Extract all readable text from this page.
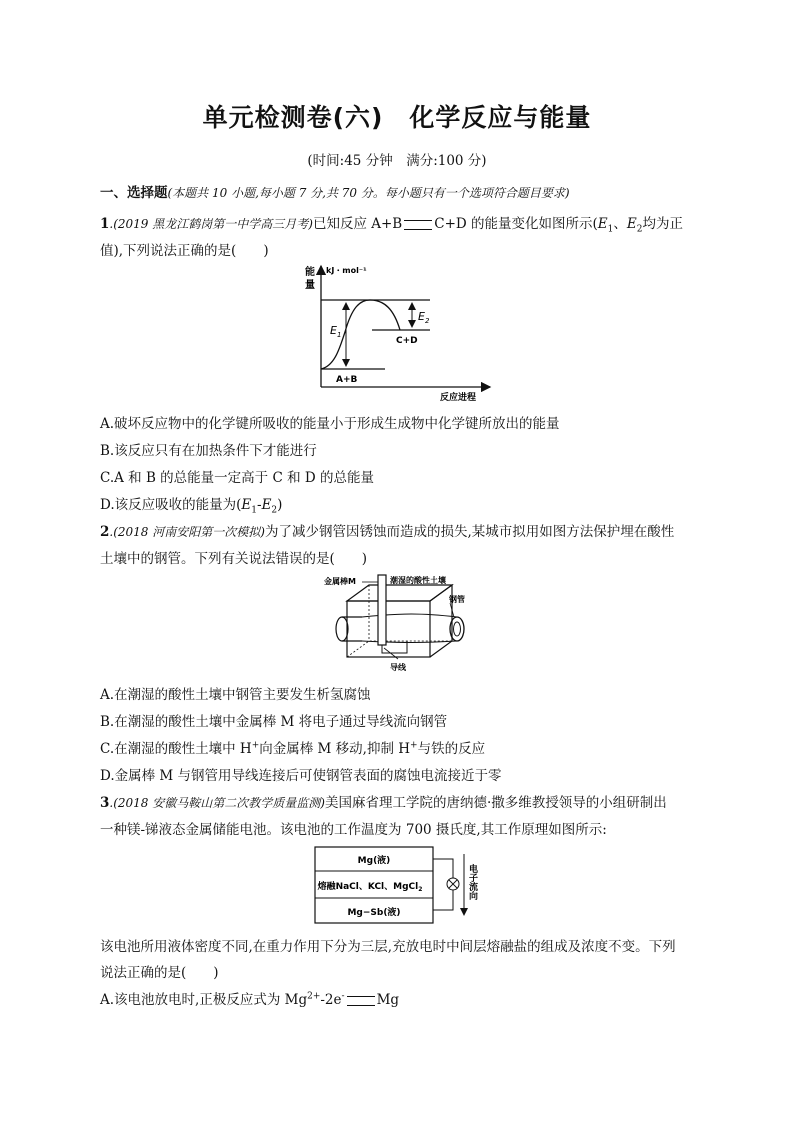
单元检测卷(六)　化学反应与能量
(时间:45 分钟　满分:100 分)
一、选择题(本题共 10 小题,每小题 7 分,共 70 分。每小题只有一个选项符合题目要求)
1.(2019 黑龙江鹤岗第一中学高三月考)已知反应 A+B C+D 的能量变化如图所示($E_1$、$E_2$均为正
值),下列说法正确的是(　　)
能
量
kJ・mol⁻¹
$E_1$
$E_2$
C+D
A+B
反应进程
A.破坏反应物中的化学键所吸收的能量小于形成生成物中化学键所放出的能量
B.该反应只有在加热条件下才能进行
C.A 和 B 的总能量一定高于 C 和 D 的总能量
D.该反应吸收的能量为$(E_1-E_2)$
2.(2018 河南安阳第一次模拟)为了减少钢管因锈蚀而造成的损失,某城市拟用如图方法保护埋在酸性
土壤中的钢管。下列有关说法错误的是(　　)
金属棒M	潮湿的酸性土壤
钢管
导线
A.在潮湿的酸性土壤中钢管主要发生析氢腐蚀
B.在潮湿的酸性土壤中金属棒 M 将电子通过导线流向钢管
C.在潮湿的酸性土壤中 H+向金属棒 M 移动,抑制 H+与铁的反应
D.金属棒 M 与钢管用导线连接后可使钢管表面的腐蚀电流接近于零
3.(2018 安徽马鞍山第二次教学质量监测)美国麻省理工学院的唐纳德·撒多维教授领导的小组研制出
一种镁-锑液态金属储能电池。该电池的工作温度为 700 摄氏度,其工作原理如图所示:
Mg(液)
熔融NaCl、KCl、MgCl$_2$
Mg−Sb(液)
电子流向
该电池所用液体密度不同,在重力作用下分为三层,充放电时中间层熔融盐的组成及浓度不变。下列
说法正确的是(　　)
A.该电池放电时,正极反应式为 $Mg^{2+}-2e^-$ Mg
